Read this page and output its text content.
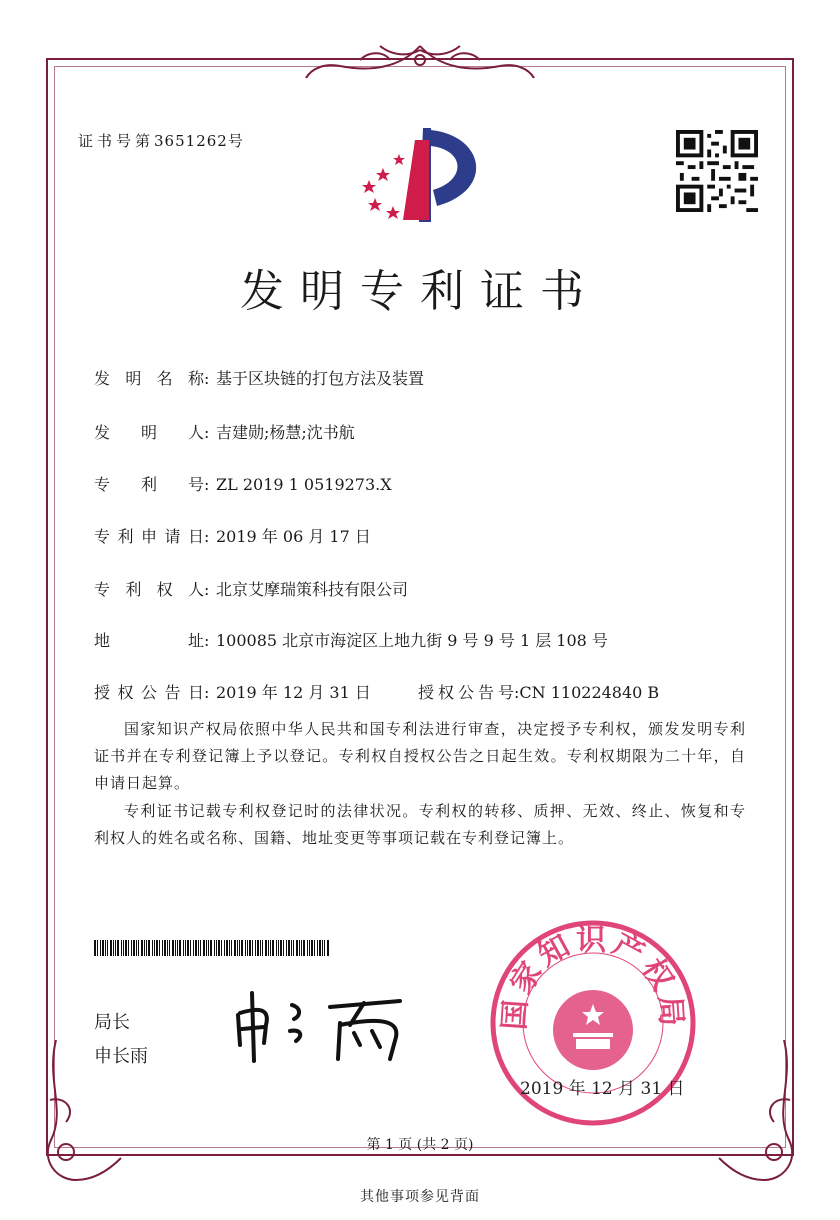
证书号第3651262号
发明专利证书
发明名称: 基于区块链的打包方法及装置
发明人: 吉建勋;杨慧;沈书航
专利号: ZL 2019 1 0519273.X
专利申请日: 2019 年 06 月 17 日
专利权人: 北京艾摩瑞策科技有限公司
地址: 100085 北京市海淀区上地九街 9 号 9 号 1 层 108 号
授权公告日: 2019 年 12 月 31 日	授权公告号:CN 110224840 B
国家知识产权局依照中华人民共和国专利法进行审查，决定授予专利权，颁发发明专利证书并在专利登记簿上予以登记。专利权自授权公告之日起生效。专利权期限为二十年，自申请日起算。
专利证书记载专利权登记时的法律状况。专利权的转移、质押、无效、终止、恢复和专利权人的姓名或名称、国籍、地址变更等事项记载在专利登记簿上。
局长
申长雨
国家知识产权局
2019 年 12 月 31 日
第 1 页 (共 2 页)
其他事项参见背面
